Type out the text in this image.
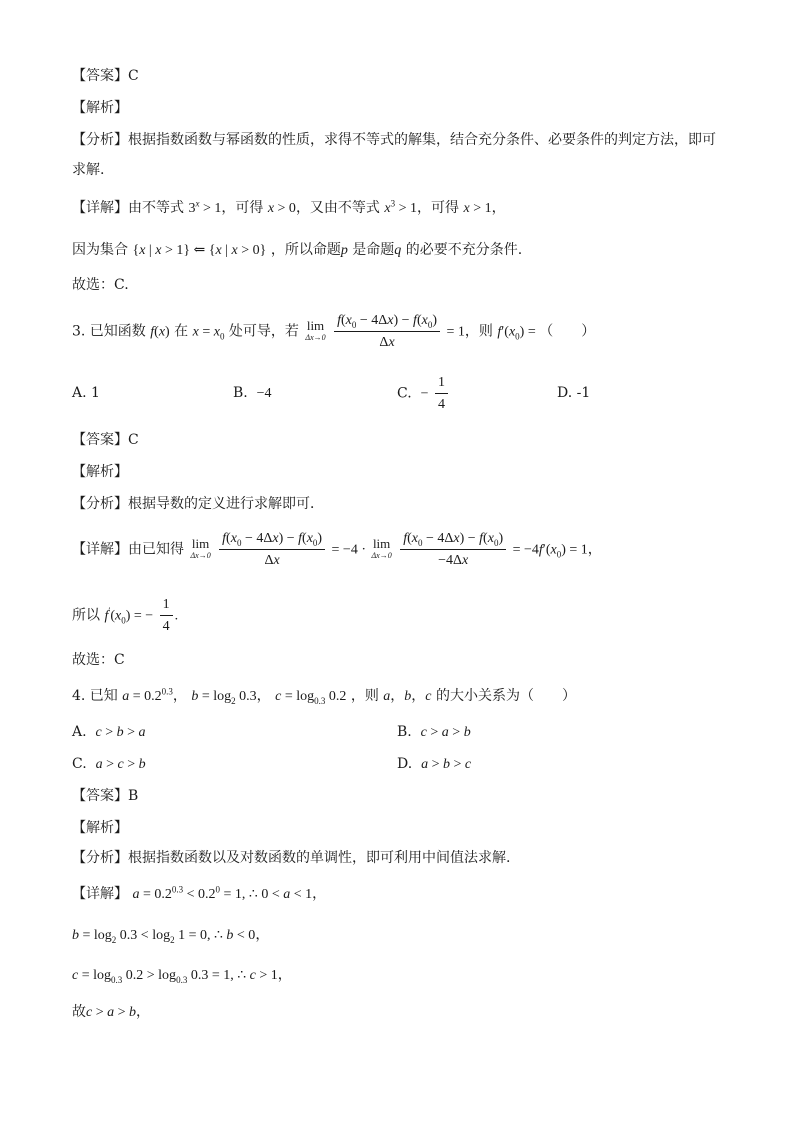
【答案】C
【解析】
【分析】根据指数函数与幂函数的性质，求得不等式的解集，结合充分条件、必要条件的判定方法，即可
求解.
【详解】由不等式 $3^x > 1$，可得 x > 0，又由不等式 $x^3 > 1$，可得 x > 1，
因为集合 {x | x > 1} ⇐ {x | x > 0} ，所以命题p 是命题q 的必要不充分条件.
故选：C.
3. 已知函数 f(x) 在 $x = x_0$ 处可导，若 lim
Δx→0
$\frac{f(x_0 - 4\Delta x) - f(x_0)}{\Delta x} = 1$，则 $f'(x_0)$ = （　　）
A. 1	B. −4	C. − $\frac{1}{4}$	D. -1
【答案】C
【解析】
【分析】根据导数的定义进行求解即可．
【详解】由已知得 lim
Δx→0
$\frac{f(x_0 - 4\Delta x) - f(x_0)}{\Delta x} = -4 \cdot \lim$
Δx→0
$\frac{f(x_0 - 4\Delta x) - f(x_0)}{-4\Delta x} = -4f'(x_0) = 1$，
所以 $f'(x_0)$ = − $\frac{1}{4}$ .
故选：C
4. 已知 $a = 0.2^{0.3}$， $b = \log_2 0.3$， $c = \log_{0.3} 0.2$ ，则 a，b，c 的大小关系为（　　）
A. c > b > a	B. c > a > b
C. a > c > b	D. a > b > c
【答案】B
【解析】
【分析】根据指数函数以及对数函数的单调性，即可利用中间值法求解.
【详解】 $a = 0.2^{0.3} < 0.2^0 = 1$, ∴ 0 < a < 1，
$b = \log_2 0.3 < \log_2 1 = 0$, ∴ b < 0，
$c = \log_{0.3} 0.2 > \log_{0.3} 0.3 = 1$, ∴ c > 1，
故c > a > b，
